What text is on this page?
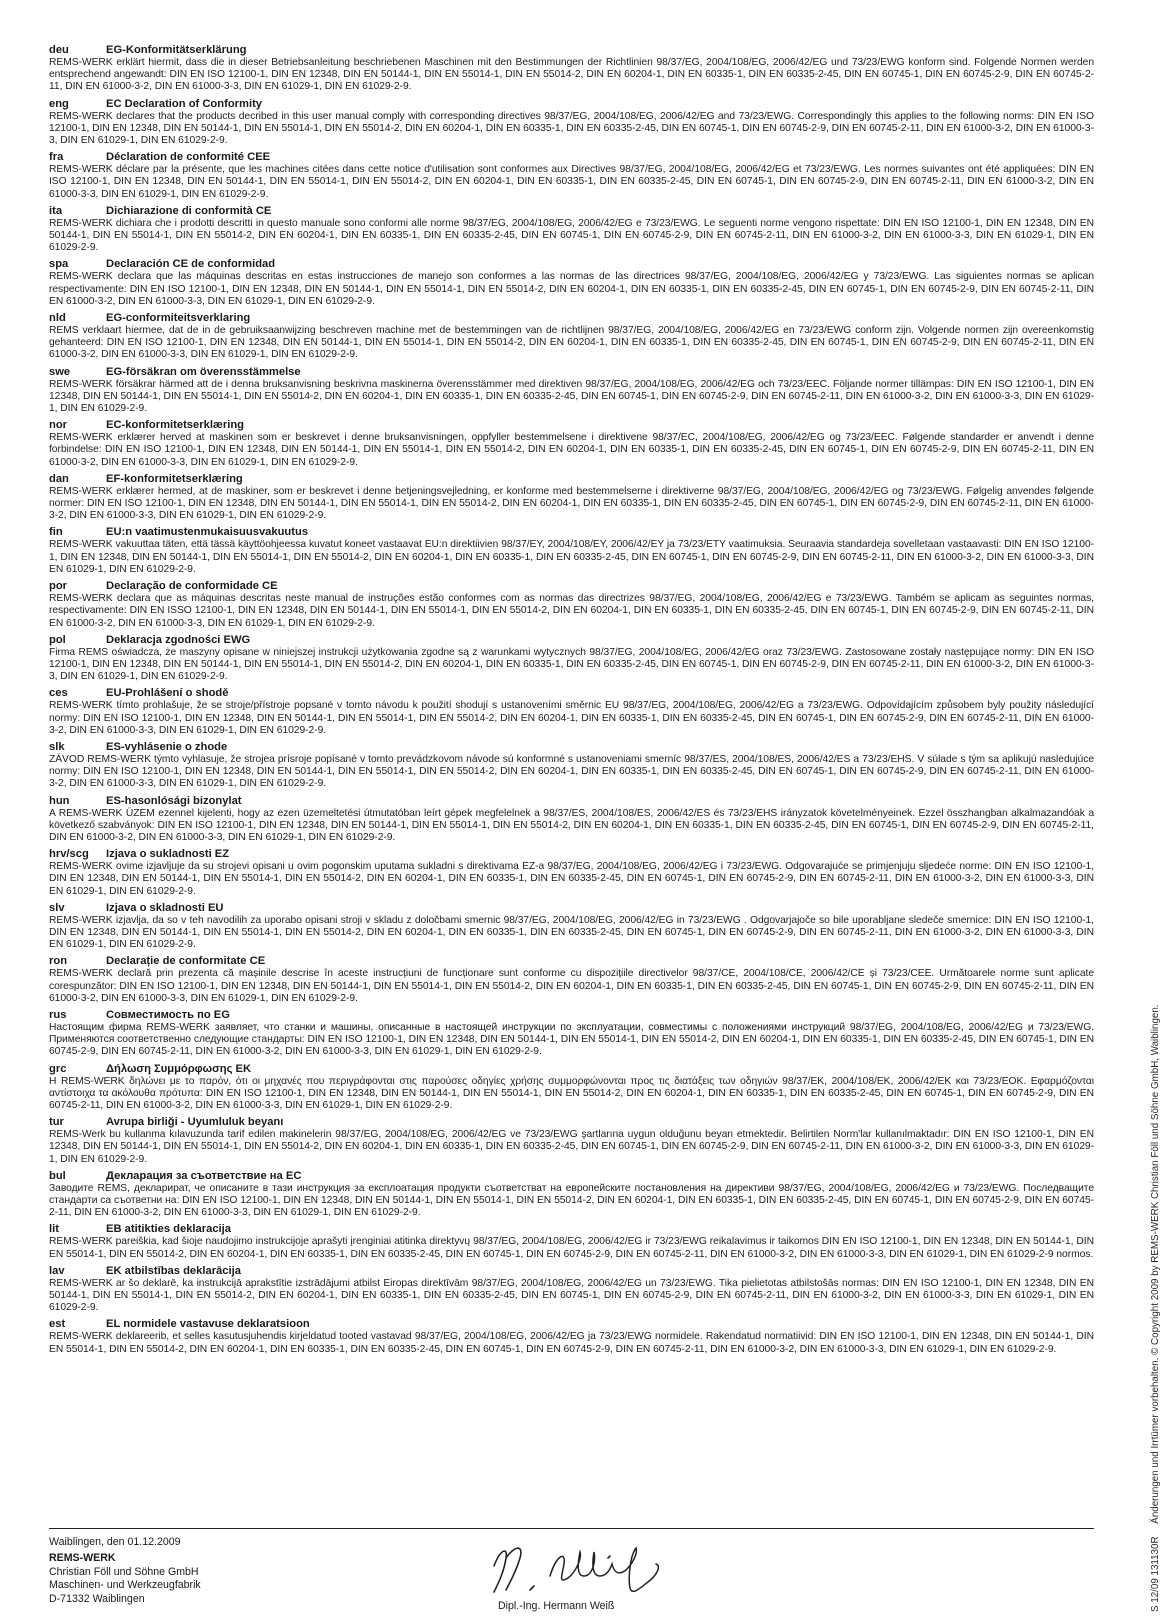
deu	EG-Konformitätserklärung
REMS-WERK erklärt hiermit, dass die in dieser Betriebsanleitung beschriebenen Maschinen mit den Bestimmungen der Richtlinien 98/37/EG, 2004/108/EG, 2006/42/EG und 73/23/EWG konform sind. Folgende Normen werden entsprechend angewandt: DIN EN ISO 12100-1, DIN EN 12348, DIN EN 50144-1, DIN EN 55014-1, DIN EN 55014-2, DIN EN 60204-1, DIN EN 60335-1, DIN EN 60335-2-45, DIN EN 60745-1, DIN EN 60745-2-9, DIN EN 60745-2-11, DIN EN 61000-3-2, DIN EN 61000-3-3, DIN EN 61029-1, DIN EN 61029-2-9.
eng	EC Declaration of Conformity
REMS-WERK declares that the products decribed in this user manual comply with corresponding directives 98/37/EG, 2004/108/EG, 2006/42/EG and 73/23/EWG. Correspondingly this applies to the following norms: DIN EN ISO 12100-1, DIN EN 12348, DIN EN 50144-1, DIN EN 55014-1, DIN EN 55014-2, DIN EN 60204-1, DIN EN 60335-1, DIN EN 60335-2-45, DIN EN 60745-1, DIN EN 60745-2-9, DIN EN 60745-2-11, DIN EN 61000-3-2, DIN EN 61000-3-3, DIN EN 61029-1, DIN EN 61029-2-9.
fra	Déclaration de conformité CEE
REMS-WERK déclare par la présente, que les machines citées dans cette notice d'utilisation sont conformes aux Directives 98/37/EG, 2004/108/EG, 2006/42/EG et 73/23/EWG. Les normes suivantes ont été appliquées: DIN EN ISO 12100-1, DIN EN 12348, DIN EN 50144-1, DIN EN 55014-1, DIN EN 55014-2, DIN EN 60204-1, DIN EN 60335-1, DIN EN 60335-2-45, DIN EN 60745-1, DIN EN 60745-2-9, DIN EN 60745-2-11, DIN EN 61000-3-2, DIN EN 61000-3-3, DIN EN 61029-1, DIN EN 61029-2-9.
ita	Dichiarazione di conformità CE
REMS-WERK dichiara che i prodotti descritti in questo manuale sono conformi alle norme 98/37/EG, 2004/108/EG, 2006/42/EG e 73/23/EWG. Le seguenti norme vengono rispettate: DIN EN ISO 12100-1, DIN EN 12348, DIN EN 50144-1, DIN EN 55014-1, DIN EN 55014-2, DIN EN 60204-1, DIN EN 60335-1, DIN EN 60335-2-45, DIN EN 60745-1, DIN EN 60745-2-9, DIN EN 60745-2-11, DIN EN 61000-3-2, DIN EN 61000-3-3, DIN EN 61029-1, DIN EN 61029-2-9.
spa	Declaración CE de conformidad
REMS-WERK declara que las máquinas descritas en estas instrucciones de manejo son conformes a las normas de las directrices 98/37/EG, 2004/108/EG, 2006/42/EG y 73/23/EWG. Las siguientes normas se aplican respectivamente: DIN EN ISO 12100-1, DIN EN 12348, DIN EN 50144-1, DIN EN 55014-1, DIN EN 55014-2, DIN EN 60204-1, DIN EN 60335-1, DIN EN 60335-2-45, DIN EN 60745-1, DIN EN 60745-2-9, DIN EN 60745-2-11, DIN EN 61000-3-2, DIN EN 61000-3-3, DIN EN 61029-1, DIN EN 61029-2-9.
nld	EG-conformiteitsverklaring
REMS verklaart hiermee, dat de in de gebruiksaanwijzing beschreven machine met de bestemmingen van de richtlijnen 98/37/EG, 2004/108/EG, 2006/42/EG en 73/23/EWG conform zijn. Volgende normen zijn overeenkomstig gehanteerd: DIN EN ISO 12100-1, DIN EN 12348, DIN EN 50144-1, DIN EN 55014-1, DIN EN 55014-2, DIN EN 60204-1, DIN EN 60335-1, DIN EN 60335-2-45, DIN EN 60745-1, DIN EN 60745-2-9, DIN EN 60745-2-11, DIN EN 61000-3-2, DIN EN 61000-3-3, DIN EN 61029-1, DIN EN 61029-2-9.
swe	EG-försäkran om överensstämmelse
REMS-WERK försäkrar härmed att de i denna bruksanvisning beskrivna maskinerna överensstämmer med direktiven 98/37/EG, 2004/108/EG, 2006/42/EG och 73/23/EEC. Följande normer tillämpas: DIN EN ISO 12100-1, DIN EN 12348, DIN EN 50144-1, DIN EN 55014-1, DIN EN 55014-2, DIN EN 60204-1, DIN EN 60335-1, DIN EN 60335-2-45, DIN EN 60745-1, DIN EN 60745-2-9, DIN EN 60745-2-11, DIN EN 61000-3-2, DIN EN 61000-3-3, DIN EN 61029-1, DIN EN 61029-2-9.
nor	EC-konformitetserklæring
REMS-WERK erklærer herved at maskinen som er beskrevet i denne bruksanvisningen, oppfyller bestemmelsene i direktivene 98/37/EC, 2004/108/EG, 2006/42/EG og 73/23/EEC. Følgende standarder er anvendt i denne forbindelse: DIN EN ISO 12100-1, DIN EN 12348, DIN EN 50144-1, DIN EN 55014-1, DIN EN 55014-2, DIN EN 60204-1, DIN EN 60335-1, DIN EN 60335-2-45, DIN EN 60745-1, DIN EN 60745-2-9, DIN EN 60745-2-11, DIN EN 61000-3-2, DIN EN 61000-3-3, DIN EN 61029-1, DIN EN 61029-2-9.
dan	EF-konformitetserklæring
REMS-WERK erklærer hermed, at de maskiner, som er beskrevet i denne betjeningsvejledning, er konforme med bestemmelserne i direktiverne 98/37/EG, 2004/108/EG, 2006/42/EG og 73/23/EWG. Følgelig anvendes følgende normer: DIN EN ISO 12100-1, DIN EN 12348, DIN EN 50144-1, DIN EN 55014-1, DIN EN 55014-2, DIN EN 60204-1, DIN EN 60335-1, DIN EN 60335-2-45, DIN EN 60745-1, DIN EN 60745-2-9, DIN EN 60745-2-11, DIN EN 61000-3-2, DIN EN 61000-3-3, DIN EN 61029-1, DIN EN 61029-2-9.
fin	EU:n vaatimustenmukaisuusvakuutus
REMS-WERK vakuuttaa täten, että tässä käyttöohjeessa kuvatut koneet vastaavat EU:n direktiivien 98/37/EY, 2004/108/EY, 2006/42/EY ja 73/23/ETY vaatimuksia. Seuraavia standardeja sovelletaan vastaavasti: DIN EN ISO 12100-1, DIN EN 12348, DIN EN 50144-1, DIN EN 55014-1, DIN EN 55014-2, DIN EN 60204-1, DIN EN 60335-1, DIN EN 60335-2-45, DIN EN 60745-1, DIN EN 60745-2-9, DIN EN 60745-2-11, DIN EN 61000-3-2, DIN EN 61000-3-3, DIN EN 61029-1, DIN EN 61029-2-9.
por	Declaração de conformidade CE
REMS-WERK declara que as máquinas descritas neste manual de instruções estão conformes com as normas das directrizes 98/37/EG, 2004/108/EG, 2006/42/EG e 73/23/EWG. Também se aplicam as seguintes normas, respectivamente: DIN EN ISSO 12100-1, DIN EN 12348, DIN EN 50144-1, DIN EN 55014-1, DIN EN 55014-2, DIN EN 60204-1, DIN EN 60335-1, DIN EN 60335-2-45, DIN EN 60745-1, DIN EN 60745-2-9, DIN EN 60745-2-11, DIN EN 61000-3-2, DIN EN 61000-3-3, DIN EN 61029-1, DIN EN 61029-2-9.
pol	Deklaracja zgodności EWG
Firma REMS oświadcza, że maszyny opisane w niniejszej instrukcji użytkowania zgodne są z warunkami wytycznych 98/37/EG, 2004/108/EG, 2006/42/EG oraz 73/23/EWG. Zastosowane zostały następujące normy: DIN EN ISO 12100-1, DIN EN 12348, DIN EN 50144-1, DIN EN 55014-1, DIN EN 55014-2, DIN EN 60204-1, DIN EN 60335-1, DIN EN 60335-2-45, DIN EN 60745-1, DIN EN 60745-2-9, DIN EN 60745-2-11, DIN EN 61000-3-2, DIN EN 61000-3-3, DIN EN 61029-1, DIN EN 61029-2-9.
ces	EU-Prohlášení o shodě
REMS-WERK tímto prohlašuje, že se stroje/přístroje popsané v tomto návodu k použití shodují s ustanoveními směrnic EU 98/37/EG, 2004/108/EG, 2006/42/EG a 73/23/EWG. Odpovídajícím způsobem byly použity následující normy: DIN EN ISO 12100-1, DIN EN 12348, DIN EN 50144-1, DIN EN 55014-1, DIN EN 55014-2, DIN EN 60204-1, DIN EN 60335-1, DIN EN 60335-2-45, DIN EN 60745-1, DIN EN 60745-2-9, DIN EN 60745-2-11, DIN EN 61000-3-2, DIN EN 61000-3-3, DIN EN 61029-1, DIN EN 61029-2-9.
slk	ES-vyhlásenie o zhode
ZÁVOD REMS-WERK týmto vyhlasuje, že strojea prísroje popísané v tomto prevádzkovom návode sú konformné s ustanoveniami smerníc 98/37/ES, 2004/108/ES, 2006/42/ES a 73/23/EHS. V súlade s tým sa aplikujú nasledujúce normy: DIN EN ISO 12100-1, DIN EN 12348, DIN EN 50144-1, DIN EN 55014-1, DIN EN 55014-2, DIN EN 60204-1, DIN EN 60335-1, DIN EN 60335-2-45, DIN EN 60745-1, DIN EN 60745-2-9, DIN EN 60745-2-11, DIN EN 61000-3-2, DIN EN 61000-3-3, DIN EN 61029-1, DIN EN 61029-2-9.
hun	ES-hasonlósági bizonylat
A REMS-WERK ÜZEM ezennel kijelenti, hogy az ezen üzemeltetési útmutatóban leírt gépek megfelelnek a 98/37/ES, 2004/108/ES, 2006/42/ES és 73/23/EHS irányzatok követelményeinek. Ezzel összhangban alkalmazandóak a következő szabványok: DIN EN ISO 12100-1, DIN EN 12348, DIN EN 50144-1, DIN EN 55014-1, DIN EN 55014-2, DIN EN 60204-1, DIN EN 60335-1, DIN EN 60335-2-45, DIN EN 60745-1, DIN EN 60745-2-9, DIN EN 60745-2-11, DIN EN 61000-3-2, DIN EN 61000-3-3, DIN EN 61029-1, DIN EN 61029-2-9.
hrv/scg	Izjava o sukladnosti EZ
REMS-WERK ovime izjavljuje da su strojevi opisani u ovim pogonskim uputama sukladni s direktivama EZ-a 98/37/EG, 2004/108/EG, 2006/42/EG i 73/23/EWG. Odgovarajuće se primjenjuju sljedeće norme: DIN EN ISO 12100-1, DIN EN 12348, DIN EN 50144-1, DIN EN 55014-1, DIN EN 55014-2, DIN EN 60204-1, DIN EN 60335-1, DIN EN 60335-2-45, DIN EN 60745-1, DIN EN 60745-2-9, DIN EN 60745-2-11, DIN EN 61000-3-2, DIN EN 61000-3-3, DIN EN 61029-1, DIN EN 61029-2-9.
slv	Izjava o skladnosti EU
REMS-WERK izjavlja, da so v teh navodilih za uporabo opisani stroji v skladu z določbami smernic 98/37/EG, 2004/108/EG, 2006/42/EG in 73/23/EWG . Odgovarjajoče so bile uporabljane sledeče smernice: DIN EN ISO 12100-1, DIN EN 12348, DIN EN 50144-1, DIN EN 55014-1, DIN EN 55014-2, DIN EN 60204-1, DIN EN 60335-1, DIN EN 60335-2-45, DIN EN 60745-1, DIN EN 60745-2-9, DIN EN 60745-2-11, DIN EN 61000-3-2, DIN EN 61000-3-3, DIN EN 61029-1, DIN EN 61029-2-9.
ron	Declarație de conformitate CE
REMS-WERK declară prin prezenta că mașinile descrise în aceste instrucțiuni de funcționare sunt conforme cu dispozițiile directivelor 98/37/CE, 2004/108/CE, 2006/42/CE și 73/23/CEE. Următoarele norme sunt aplicate corespunzător: DIN EN ISO 12100-1, DIN EN 12348, DIN EN 50144-1, DIN EN 55014-1, DIN EN 55014-2, DIN EN 60204-1, DIN EN 60335-1, DIN EN 60335-2-45, DIN EN 60745-1, DIN EN 60745-2-9, DIN EN 60745-2-11, DIN EN 61000-3-2, DIN EN 61000-3-3, DIN EN 61029-1, DIN EN 61029-2-9.
rus	Совместимость по EG
Настоящим фирма REMS-WERK заявляет, что станки и машины, описанные в настоящей инструкции по эксплуатации, совместимы с положениями инструкций 98/37/EG, 2004/108/EG, 2006/42/EG и 73/23/EWG. Применяются соответственно следующие стандарты: DIN EN ISO 12100-1, DIN EN 12348, DIN EN 50144-1, DIN EN 55014-1, DIN EN 55014-2, DIN EN 60204-1, DIN EN 60335-1, DIN EN 60335-2-45, DIN EN 60745-1, DIN EN 60745-2-9, DIN EN 60745-2-11, DIN EN 61000-3-2, DIN EN 61000-3-3, DIN EN 61029-1, DIN EN 61029-2-9.
grc	Δήλωση Συμμόρφωσης ΕΚ
Η REMS-WERK δηλώνει με το παρόν, ότι οι μηχανές που περιγράφονται στις παρούσες οδηγίες χρήσης συμμορφώνονται προς τις διατάξεις των οδηγιών 98/37/ΕΚ, 2004/108/ΕΚ, 2006/42/ΕΚ και 73/23/ΕΟΚ. Εφαρμόζονται αντίστοιχα τα ακόλουθα πρότυπα: DIN EN ISO 12100-1, DIN EN 12348, DIN EN 50144-1, DIN EN 55014-1, DIN EN 55014-2, DIN EN 60204-1, DIN EN 60335-1, DIN EN 60335-2-45, DIN EN 60745-1, DIN EN 60745-2-9, DIN EN 60745-2-11, DIN EN 61000-3-2, DIN EN 61000-3-3, DIN EN 61029-1, DIN EN 61029-2-9.
tur	Avrupa birliği - Uyumluluk beyanı
REMS-Werk bu kullanma kılavuzunda tarif edilen makinelerin 98/37/EG, 2004/108/EG, 2006/42/EG ve 73/23/EWG şartlarına uygun olduğunu beyan etmektedir. Belirtilen Norm'lar kullanılmaktadır: DIN EN ISO 12100-1, DIN EN 12348, DIN EN 50144-1, DIN EN 55014-1, DIN EN 55014-2, DIN EN 60204-1, DIN EN 60335-1, DIN EN 60335-2-45, DIN EN 60745-1, DIN EN 60745-2-9, DIN EN 60745-2-11, DIN EN 61000-3-2, DIN EN 61000-3-3, DIN EN 61029-1, DIN EN 61029-2-9.
bul	Декларация за съответствие на ЕС
Заводите REMS, декларират, че описаните в тази инструкция за експлоатация продукти съответстват на европейските постановления на директиви 98/37/EG, 2004/108/EG, 2006/42/EG и 73/23/EWG. Последващите стандарти са съответни на: DIN EN ISO 12100-1, DIN EN 12348, DIN EN 50144-1, DIN EN 55014-1, DIN EN 55014-2, DIN EN 60204-1, DIN EN 60335-1, DIN EN 60335-2-45, DIN EN 60745-1, DIN EN 60745-2-9, DIN EN 60745-2-11, DIN EN 61000-3-2, DIN EN 61000-3-3, DIN EN 61029-1, DIN EN 61029-2-9.
lit	EB atitikties deklaracija
REMS-WERK pareiškia, kad šioje naudojimo instrukcijoje aprašyti įrenginiai atitinka direktyvų 98/37/EG, 2004/108/EG, 2006/42/EG ir 73/23/EWG reikalavimus ir taikomos DIN EN ISO 12100-1, DIN EN 12348, DIN EN 50144-1, DIN EN 55014-1, DIN EN 55014-2, DIN EN 60204-1, DIN EN 60335-1, DIN EN 60335-2-45, DIN EN 60745-1, DIN EN 60745-2-9, DIN EN 60745-2-11, DIN EN 61000-3-2, DIN EN 61000-3-3, DIN EN 61029-1, DIN EN 61029-2-9 normos.
lav	EK atbilstības deklarācija
REMS-WERK ar šo deklarē, ka instrukcijā aprakstītie izstrādājumi atbilst Eiropas direktīvām 98/37/EG, 2004/108/EG, 2006/42/EG un 73/23/EWG. Tika pielietotas atbilstošās normas: DIN EN ISO 12100-1, DIN EN 12348, DIN EN 50144-1, DIN EN 55014-1, DIN EN 55014-2, DIN EN 60204-1, DIN EN 60335-1, DIN EN 60335-2-45, DIN EN 60745-1, DIN EN 60745-2-9, DIN EN 60745-2-11, DIN EN 61000-3-2, DIN EN 61000-3-3, DIN EN 61029-1, DIN EN 61029-2-9.
est	EL normidele vastavuse deklaratsioon
REMS-WERK deklareerib, et selles kasutusjuhendis kirjeldatud tooted vastavad 98/37/EG, 2004/108/EG, 2006/42/EG ja 73/23/EWG normidele. Rakendatud normatiivid: DIN EN ISO 12100-1, DIN EN 12348, DIN EN 50144-1, DIN EN 55014-1, DIN EN 55014-2, DIN EN 60204-1, DIN EN 60335-1, DIN EN 60335-2-45, DIN EN 60745-1, DIN EN 60745-2-9, DIN EN 60745-2-11, DIN EN 61000-3-2, DIN EN 61000-3-3, DIN EN 61029-1, DIN EN 61029-2-9.
Waiblingen, den 01.12.2009
REMS-WERK
Christian Föll und Söhne GmbH
Maschinen- und Werkzeugfabrik
D-71332 Waiblingen
Dipl.-Ing. Hermann Weiß	S 12/09 131130R Änderungen und Irrtümer vorbehalten. © Copyright 2009 by REMS-WERK Christian Föll und Söhne GmbH, Waiblingen.
